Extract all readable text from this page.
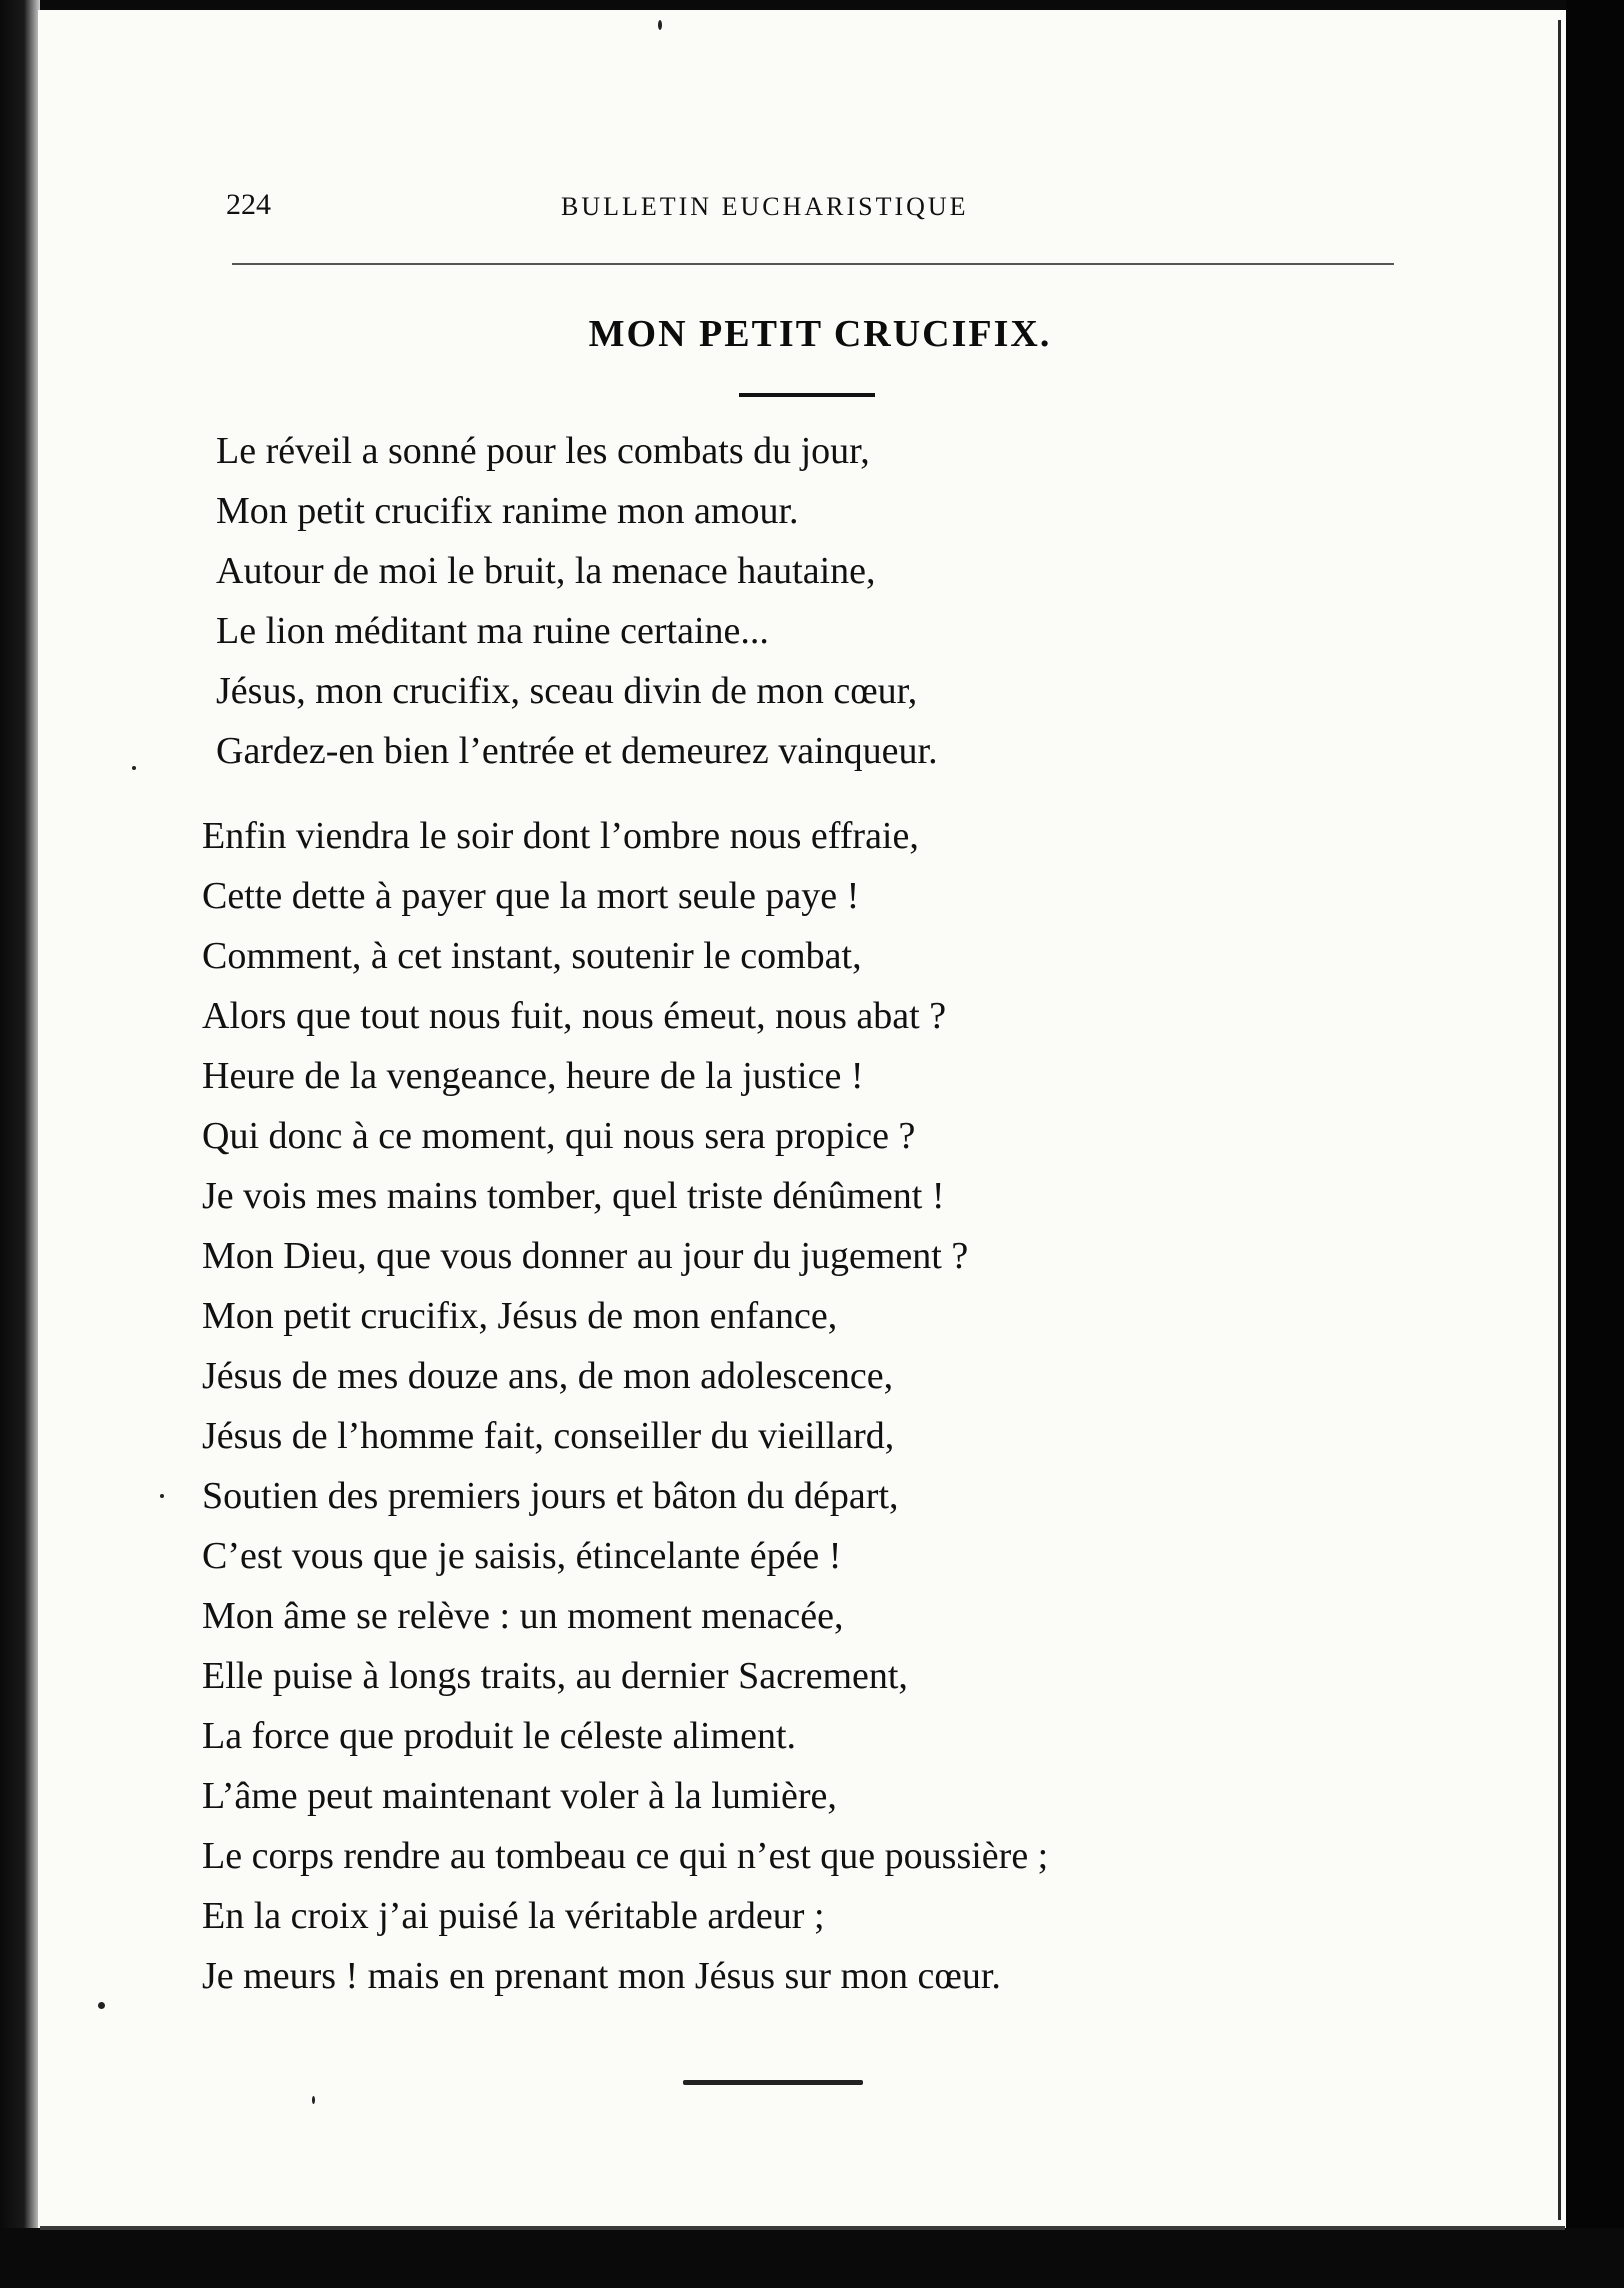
224	BULLETIN EUCHARISTIQUE
MON PETIT CRUCIFIX.
Le réveil a sonné pour les combats du jour,
Mon petit crucifix ranime mon amour.
Autour de moi le bruit, la menace hautaine,
Le lion méditant ma ruine certaine...
Jésus, mon crucifix, sceau divin de mon cœur,
Gardez-en bien l’entrée et demeurez vainqueur.
Enfin viendra le soir dont l’ombre nous effraie,
Cette dette à payer que la mort seule paye !
Comment, à cet instant, soutenir le combat,
Alors que tout nous fuit, nous émeut, nous abat ?
Heure de la vengeance, heure de la justice !
Qui donc à ce moment, qui nous sera propice ?
Je vois mes mains tomber, quel triste dénûment !
Mon Dieu, que vous donner au jour du jugement ?
Mon petit crucifix, Jésus de mon enfance,
Jésus de mes douze ans, de mon adolescence,
Jésus de l’homme fait, conseiller du vieillard,
Soutien des premiers jours et bâton du départ,
C’est vous que je saisis, étincelante épée !
Mon âme se relève : un moment menacée,
Elle puise à longs traits, au dernier Sacrement,
La force que produit le céleste aliment.
L’âme peut maintenant voler à la lumière,
Le corps rendre au tombeau ce qui n’est que poussière ;
En la croix j’ai puisé la véritable ardeur ;
Je meurs ! mais en prenant mon Jésus sur mon cœur.
